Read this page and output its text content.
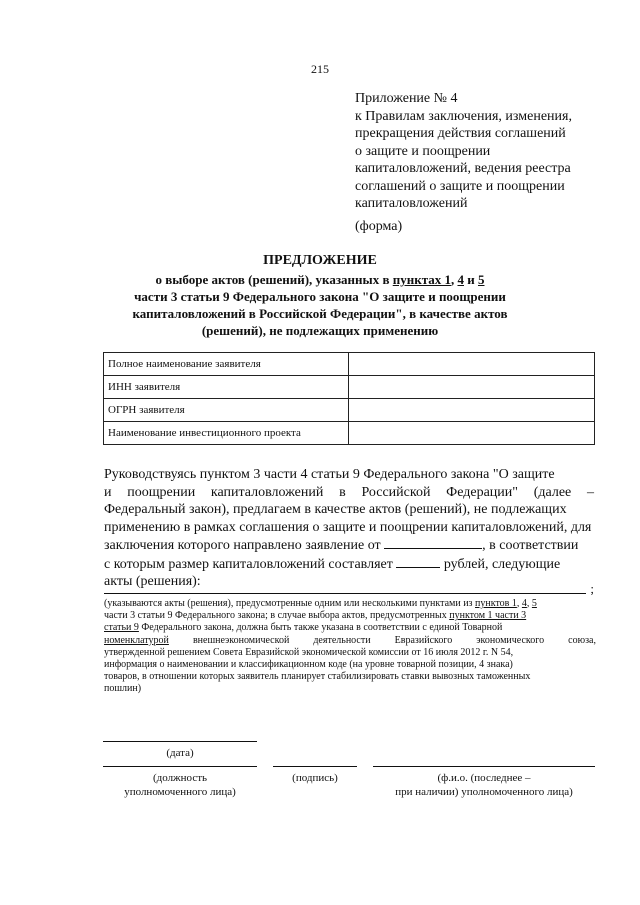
215
Приложение № 4
к Правилам заключения, изменения,
прекращения действия соглашений
о защите и поощрении
капиталовложений, ведения реестра
соглашений о защите и поощрении
капиталовложений
(форма)
ПРЕДЛОЖЕНИЕ
о выборе актов (решений), указанных в пунктах 1, 4 и 5
части 3 статьи 9 Федерального закона "О защите и поощрении
капиталовложений в Российской Федерации", в качестве актов
(решений), не подлежащих применению
Полное наименование заявителя	
ИНН заявителя	
ОГРН заявителя	
Наименование инвестиционного проекта	
Руководствуясь пунктом 3 части 4 статьи 9 Федерального закона "О защите
и поощрении капиталовложений в Российской Федерации" (далее –
Федеральный закон), предлагаем в качестве актов (решений), не подлежащих
применению в рамках соглашения о защите и поощрении капиталовложений, для
заключения которого направлено заявление от	, в соответствии
с которым размер капиталовложений составляет	рублей, следующие
акты (решения):	;
(указываются акты (решения), предусмотренные одним или несколькими пунктами из пунктов 1, 4, 5
части 3 статьи 9 Федерального закона; в случае выбора актов, предусмотренных пунктом 1 части 3
статьи 9 Федерального закона, должна быть также указана в соответствии с единой Товарной
номенклатурой внешнеэкономической деятельности Евразийского экономического союза,
утвержденной решением Совета Евразийской экономической комиссии от 16 июля 2012 г. N 54,
информация о наименовании и классификационном коде (на уровне товарной позиции, 4 знака)
товаров, в отношении которых заявитель планирует стабилизировать ставки вывозных таможенных
пошлин)
(дата)
(должность
уполномоченного лица)
(подпись)	(ф.и.о. (последнее –
при наличии) уполномоченного лица)
